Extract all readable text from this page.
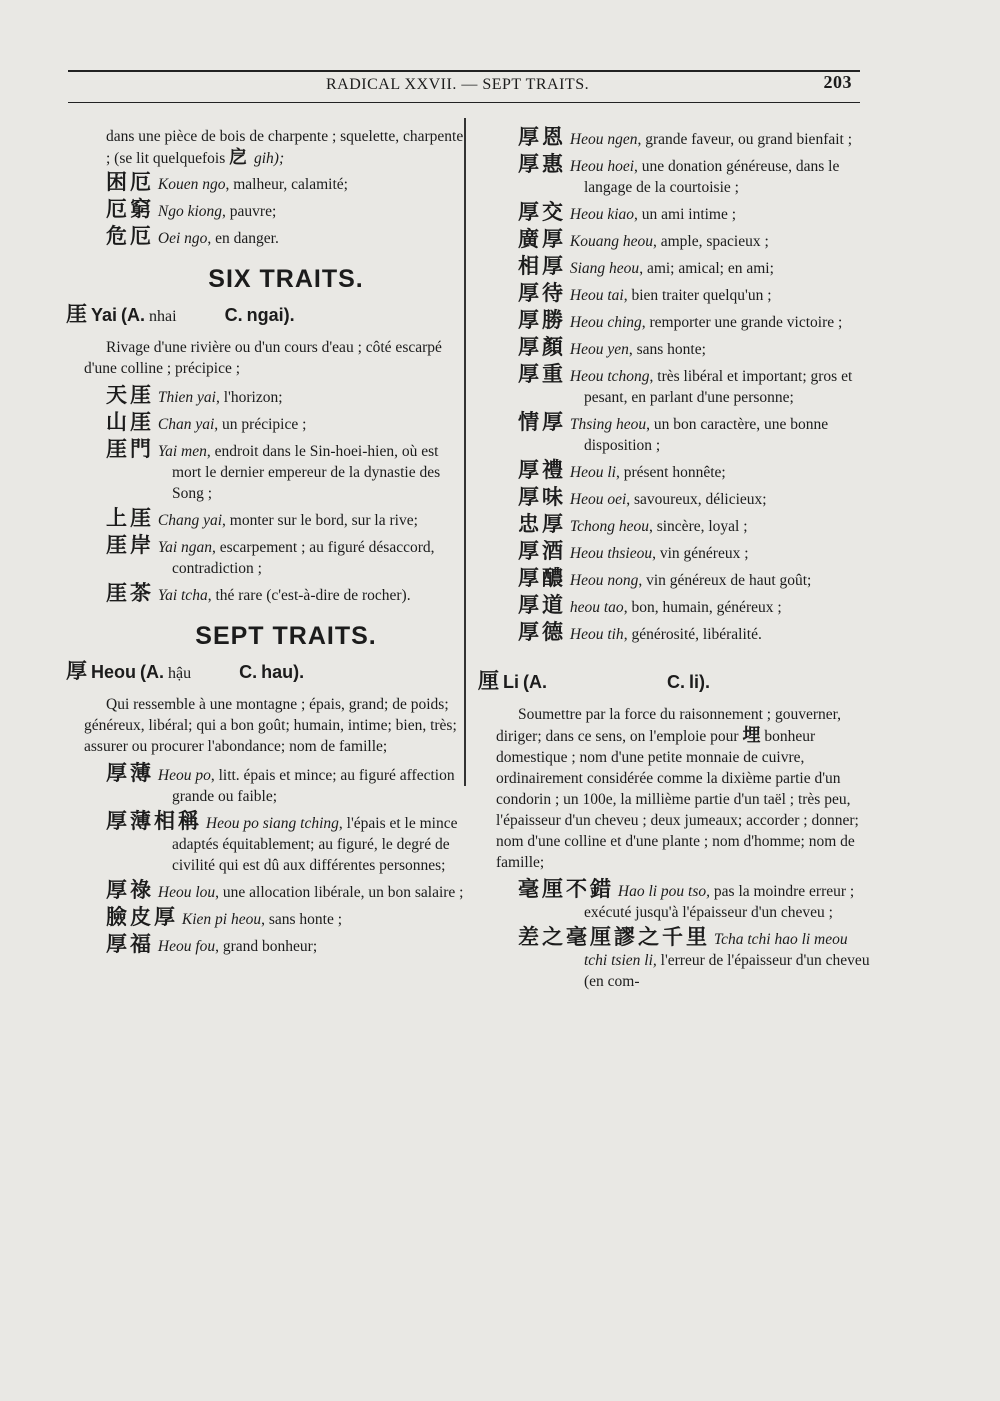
RADICAL XXVII. — SEPT TRAITS.	203

dans une pièce de bois de charpente ; squelette, charpente ; (se lit quelquefois 戹 gih);

困厄 Kouen ngo, malheur, calamité;

厄窮 Ngo kiong, pauvre;

危厄 Oei ngo, en danger.

SIX TRAITS.
厓 Yai (A. nhai	C. ngai).

Rivage d'une rivière ou d'un cours d'eau ; côté escarpé d'une colline ; précipice ;

天厓 Thien yai, l'horizon;

山厓 Chan yai, un précipice ;

厓門 Yai men, endroit dans le Sin-hoei-hien, où est mort le dernier empereur de la dynastie des Song ;

上厓 Chang yai, monter sur le bord, sur la rive;

厓岸 Yai ngan, escarpement ; au figuré désaccord, contradiction ;

厓茶 Yai tcha, thé rare (c'est-à-dire de rocher).

SEPT TRAITS.
厚 Heou (A. hậu	C. hau).

Qui ressemble à une montagne ; épais, grand; de poids; généreux, libéral; qui a bon goût; humain, intime; bien, très; assurer ou procurer l'abondance; nom de famille;

厚薄 Heou po, litt. épais et mince; au figuré affection grande ou faible;

厚薄相稱 Heou po siang tching, l'épais et le mince adaptés équitablement; au figuré, le degré de civilité qui est dû aux différentes personnes;

厚祿 Heou lou, une allocation libérale, un bon salaire ;

臉皮厚 Kien pi heou, sans honte ;

厚福 Heou fou, grand bonheur;

厚恩 Heou ngen, grande faveur, ou grand bienfait ;

厚惠 Heou hoei, une donation généreuse, dans le langage de la courtoisie ;

厚交 Heou kiao, un ami intime ;

廣厚 Kouang heou, ample, spacieux ;

相厚 Siang heou, ami; amical; en ami;

厚待 Heou tai, bien traiter quelqu'un ;

厚勝 Heou ching, remporter une grande victoire ;

厚顏 Heou yen, sans honte;

厚重 Heou tchong, très libéral et important; gros et pesant, en parlant d'une personne;

情厚 Thsing heou, un bon caractère, une bonne disposition ;

厚禮 Heou li, présent honnête;

厚味 Heou oei, savoureux, délicieux;

忠厚 Tchong heou, sincère, loyal ;

厚酒 Heou thsieou, vin généreux ;

厚醲 Heou nong, vin généreux de haut goût;

厚道 heou tao, bon, humain, généreux ;

厚德 Heou tih, générosité, libéralité.

厘 Li (A.	C. li).

Soumettre par la force du raisonnement ; gouverner, diriger; dans ce sens, on l'emploie pour 埋 bonheur domestique ; nom d'une petite monnaie de cuivre, ordinairement considérée comme la dixième partie d'un condorin ; un 100e, la millième partie d'un taël ; très peu, l'épaisseur d'un cheveu ; deux jumeaux; accorder ; donner; nom d'une colline et d'une plante ; nom d'homme; nom de famille;

毫厘不錯 Hao li pou tso, pas la moindre erreur ; exécuté jusqu'à l'épaisseur d'un cheveu ;

差之毫厘謬之千里 Tcha tchi hao li meou tchi tsien li, l'erreur de l'épaisseur d'un cheveu (en com-
